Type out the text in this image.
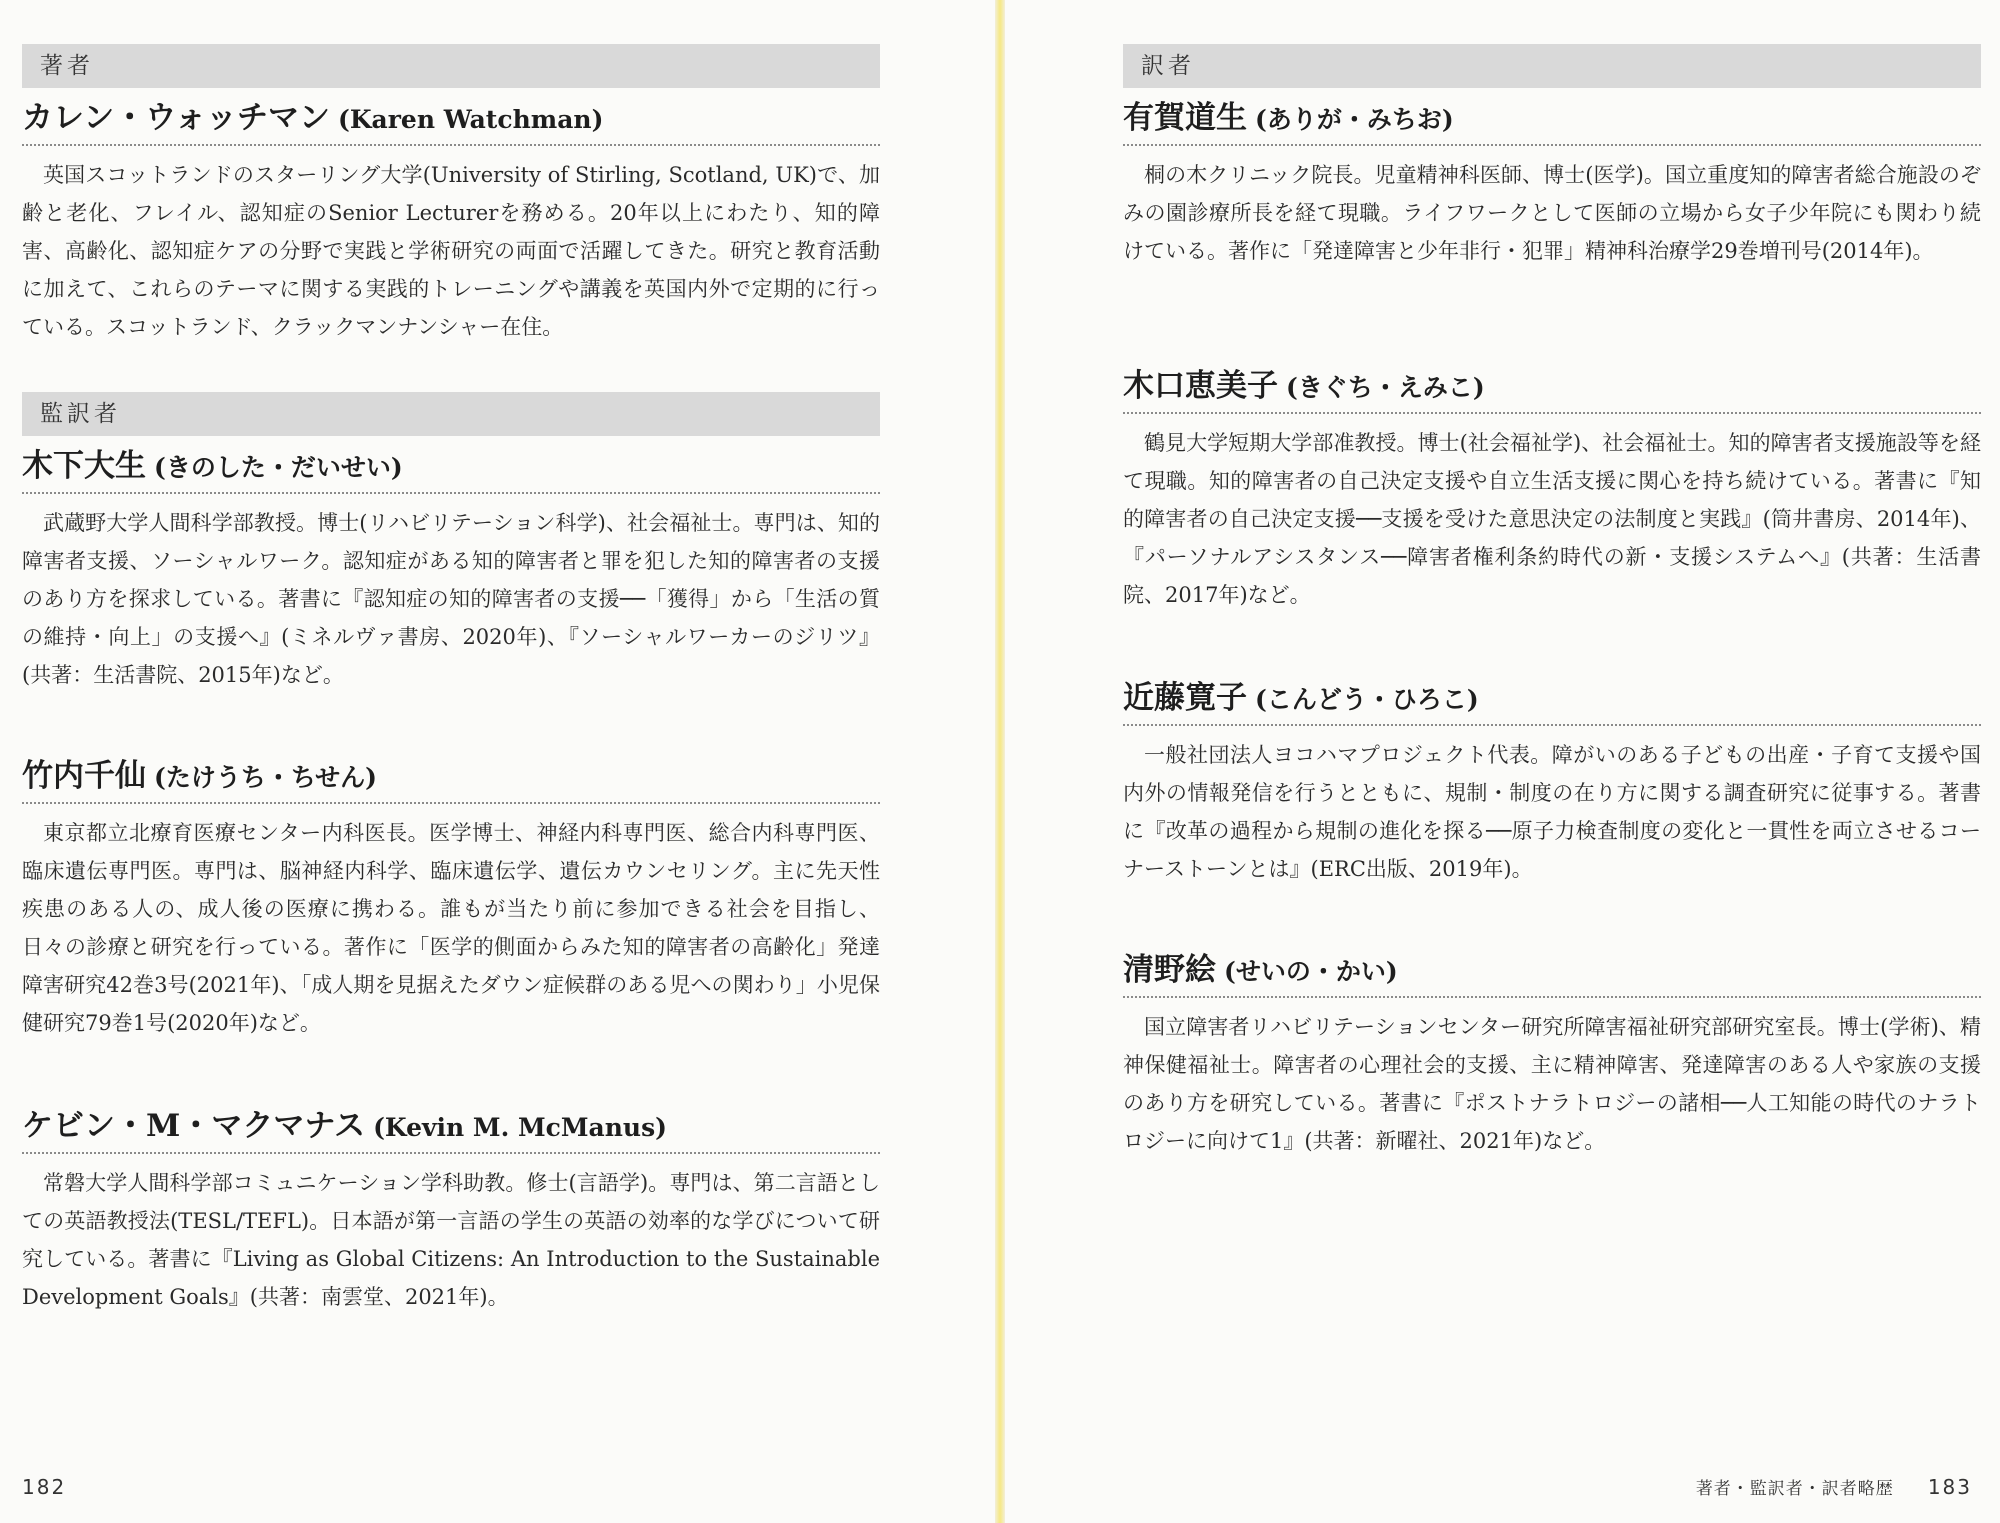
著者
カレン・ウォッチマン (Karen Watchman)

英国スコットランドのスターリング大学(University of Stirling, Scotland, UK)で、加齢と老化、フレイル、認知症のSenior Lecturerを務める。20年以上にわたり、知的障害、高齢化、認知症ケアの分野で実践と学術研究の両面で活躍してきた。研究と教育活動に加えて、これらのテーマに関する実践的トレーニングや講義を英国内外で定期的に行っている。スコットランド、クラックマンナンシャー在住。

監訳者
木下大生 (きのした・だいせい)

武蔵野大学人間科学部教授。博士(リハビリテーション科学)、社会福祉士。専門は、知的障害者支援、ソーシャルワーク。認知症がある知的障害者と罪を犯した知的障害者の支援のあり方を探求している。著書に『認知症の知的障害者の支援──「獲得」から「生活の質の維持・向上」の支援へ』(ミネルヴァ書房、2020年)、『ソーシャルワーカーのジリツ』(共著：生活書院、2015年)など。

竹内千仙 (たけうち・ちせん)

東京都立北療育医療センター内科医長。医学博士、神経内科専門医、総合内科専門医、臨床遺伝専門医。専門は、脳神経内科学、臨床遺伝学、遺伝カウンセリング。主に先天性疾患のある人の、成人後の医療に携わる。誰もが当たり前に参加できる社会を目指し、日々の診療と研究を行っている。著作に「医学的側面からみた知的障害者の高齢化」発達障害研究42巻3号(2021年)、「成人期を見据えたダウン症候群のある児への関わり」小児保健研究79巻1号(2020年)など。

ケビン・M・マクマナス (Kevin M. McManus)

常磐大学人間科学部コミュニケーション学科助教。修士(言語学)。専門は、第二言語としての英語教授法(TESL/TEFL)。日本語が第一言語の学生の英語の効率的な学びについて研究している。著書に『Living as Global Citizens: An Introduction to the Sustainable Development Goals』(共著：南雲堂、2021年)。

182
訳者
有賀道生 (ありが・みちお)

桐の木クリニック院長。児童精神科医師、博士(医学)。国立重度知的障害者総合施設のぞみの園診療所長を経て現職。ライフワークとして医師の立場から女子少年院にも関わり続けている。著作に「発達障害と少年非行・犯罪」精神科治療学29巻増刊号(2014年)。

木口恵美子 (きぐち・えみこ)

鶴見大学短期大学部准教授。博士(社会福祉学)、社会福祉士。知的障害者支援施設等を経て現職。知的障害者の自己決定支援や自立生活支援に関心を持ち続けている。著書に『知的障害者の自己決定支援──支援を受けた意思決定の法制度と実践』(筒井書房、2014年)、『パーソナルアシスタンス──障害者権利条約時代の新・支援システムへ』(共著：生活書院、2017年)など。

近藤寛子 (こんどう・ひろこ)

一般社団法人ヨコハマプロジェクト代表。障がいのある子どもの出産・子育て支援や国内外の情報発信を行うとともに、規制・制度の在り方に関する調査研究に従事する。著書に『改革の過程から規制の進化を探る──原子力検査制度の変化と一貫性を両立させるコーナーストーンとは』(ERC出版、2019年)。

清野絵 (せいの・かい)

国立障害者リハビリテーションセンター研究所障害福祉研究部研究室長。博士(学術)、精神保健福祉士。障害者の心理社会的支援、主に精神障害、発達障害のある人や家族の支援のあり方を研究している。著書に『ポストナラトロジーの諸相──人工知能の時代のナラトロジーに向けて1』(共著：新曜社、2021年)など。

著者・監訳者・訳者略歴 183
